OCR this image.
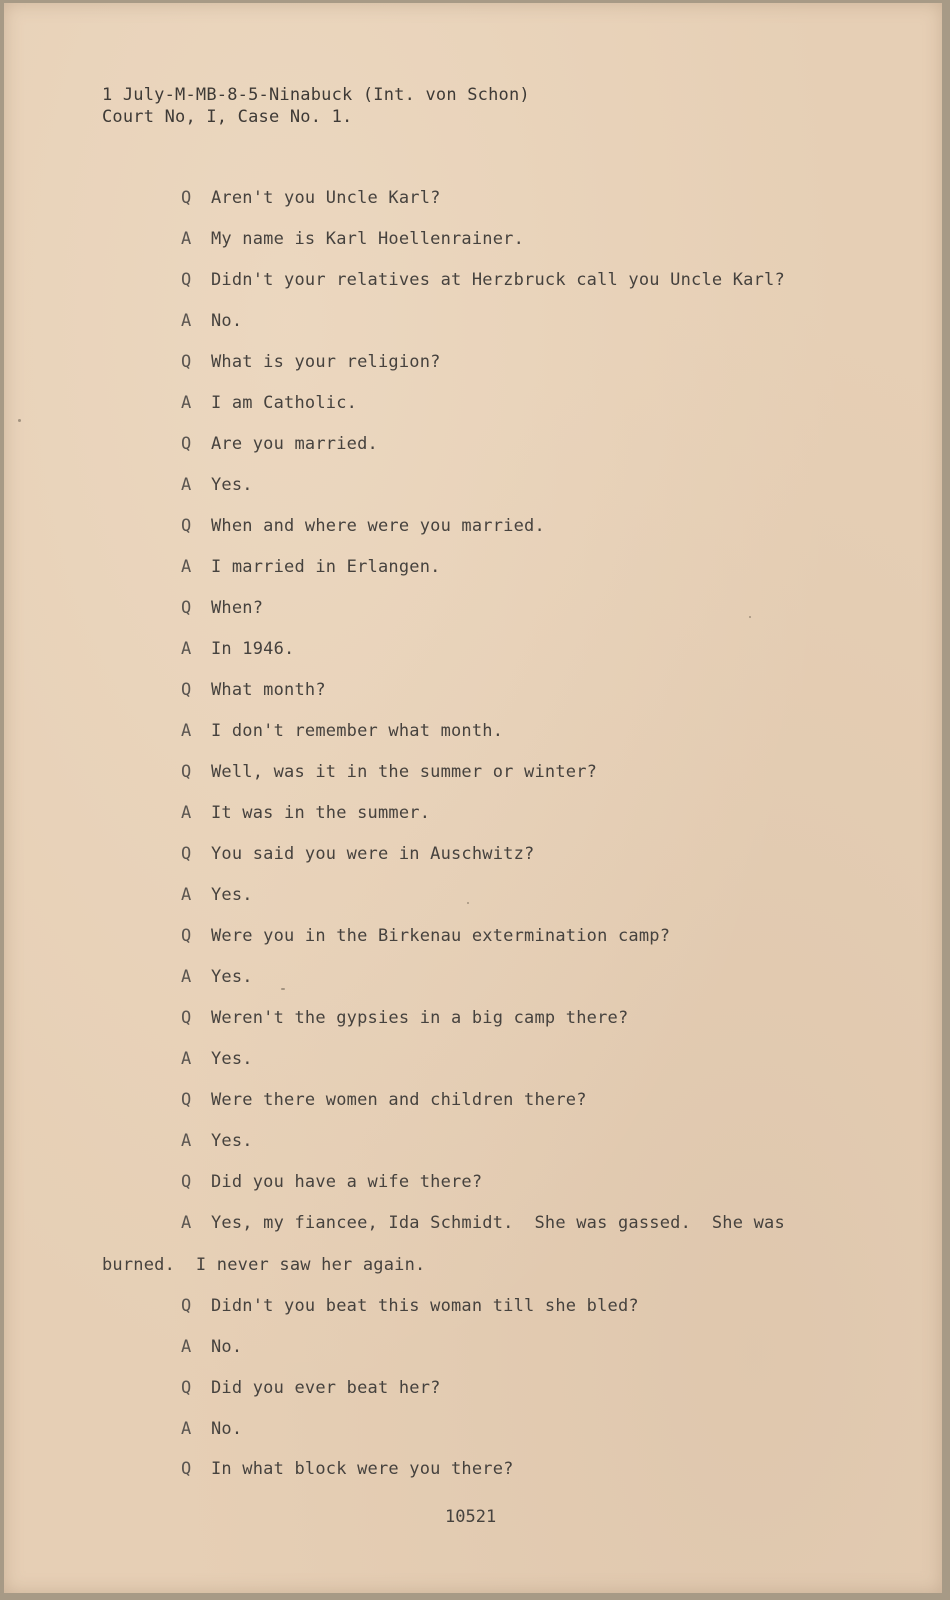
1 July-M-MB-8-5-Ninabuck (Int. von Schon)
Court No, I, Case No. 1.
Q Aren't you Uncle Karl?
A My name is Karl Hoellenrainer.
Q Didn't your relatives at Herzbruck call you Uncle Karl?
A No.
Q What is your religion?
A I am Catholic.
Q Are you married.
A Yes.
Q When and where were you married.
A I married in Erlangen.
Q When?
A In 1946.
Q What month?
A I don't remember what month.
Q Well, was it in the summer or winter?
A It was in the summer.
Q You said you were in Auschwitz?
A Yes.
Q Were you in the Birkenau extermination camp?
A Yes.
Q Weren't the gypsies in a big camp there?
A Yes.
Q Were there women and children there?
A Yes.
Q Did you have a wife there?
A Yes, my fiancee, Ida Schmidt.  She was gassed.  She was
burned.  I never saw her again.
Q Didn't you beat this woman till she bled?
A No.
Q Did you ever beat her?
A No.
Q In what block were you there?
10521
